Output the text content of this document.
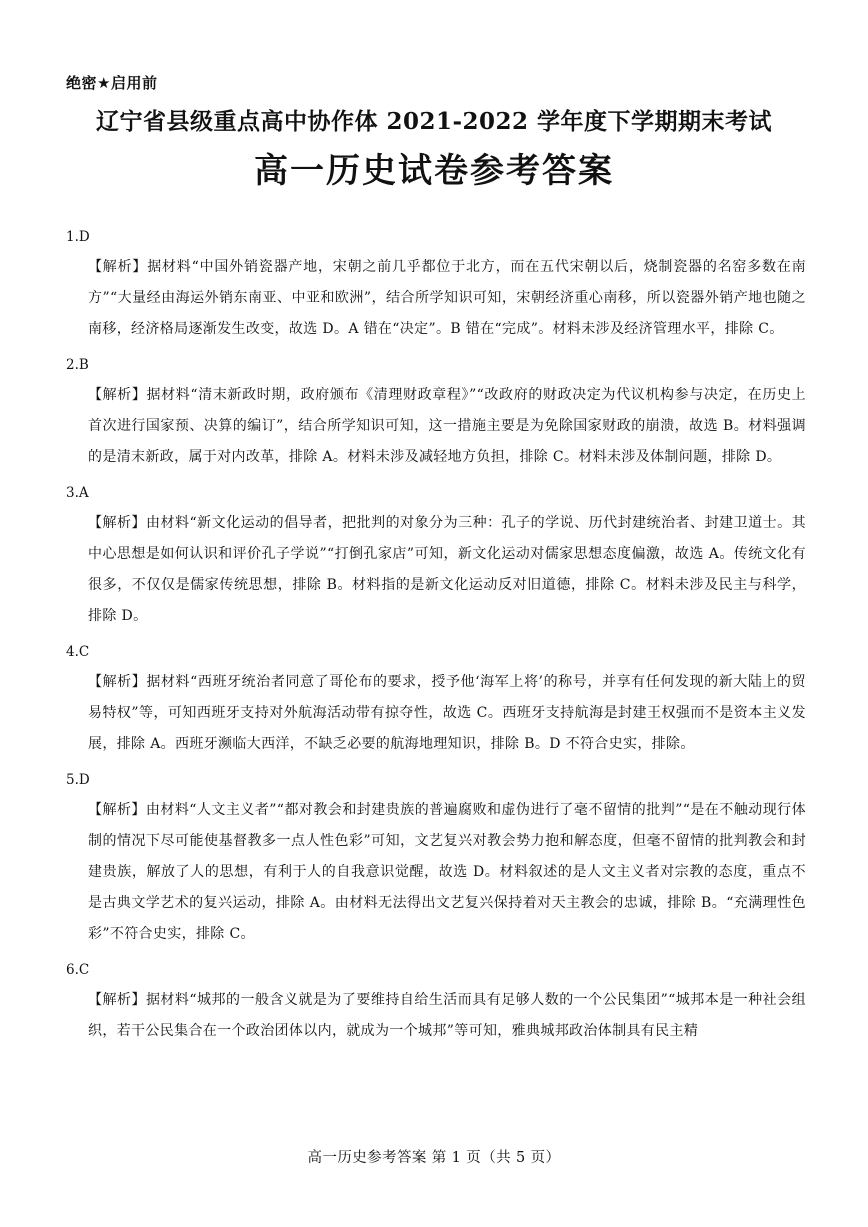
绝密★启用前
辽宁省县级重点高中协作体 2021-2022 学年度下学期期末考试
高一历史试卷参考答案
1.D
【解析】据材料“中国外销瓷器产地，宋朝之前几乎都位于北方，而在五代宋朝以后，烧制瓷器的名窑多数在南方”“大量经由海运外销东南亚、中亚和欧洲”，结合所学知识可知，宋朝经济重心南移，所以瓷器外销产地也随之南移，经济格局逐渐发生改变，故选 D。A 错在“决定”。B 错在“完成”。材料未涉及经济管理水平，排除 C。
2.B
【解析】据材料“清末新政时期，政府颁布《清理财政章程》”“改政府的财政决定为代议机构参与决定，在历史上首次进行国家预、决算的编订”，结合所学知识可知，这一措施主要是为免除国家财政的崩溃，故选 B。材料强调的是清末新政，属于对内改革，排除 A。材料未涉及减轻地方负担，排除 C。材料未涉及体制问题，排除 D。
3.A
【解析】由材料“新文化运动的倡导者，把批判的对象分为三种：孔子的学说、历代封建统治者、封建卫道士。其中心思想是如何认识和评价孔子学说”“打倒孔家店”可知，新文化运动对儒家思想态度偏激，故选 A。传统文化有很多，不仅仅是儒家传统思想，排除 B。材料指的是新文化运动反对旧道德，排除 C。材料未涉及民主与科学，排除 D。
4.C
【解析】据材料“西班牙统治者同意了哥伦布的要求，授予他‘海军上将’的称号，并享有任何发现的新大陆上的贸易特权”等，可知西班牙支持对外航海活动带有掠夺性，故选 C。西班牙支持航海是封建王权强而不是资本主义发展，排除 A。西班牙濒临大西洋，不缺乏必要的航海地理知识，排除 B。D 不符合史实，排除。
5.D
【解析】由材料“人文主义者”“都对教会和封建贵族的普遍腐败和虚伪进行了毫不留情的批判”“是在不触动现行体制的情况下尽可能使基督教多一点人性色彩”可知，文艺复兴对教会势力抱和解态度，但毫不留情的批判教会和封建贵族，解放了人的思想，有利于人的自我意识觉醒，故选 D。材料叙述的是人文主义者对宗教的态度，重点不是古典文学艺术的复兴运动，排除 A。由材料无法得出文艺复兴保持着对天主教会的忠诚，排除 B。“充满理性色彩”不符合史实，排除 C。
6.C
【解析】据材料“城邦的一般含义就是为了要维持自给生活而具有足够人数的一个公民集团”“城邦本是一种社会组织，若干公民集合在一个政治团体以内，就成为一个城邦”等可知，雅典城邦政治体制具有民主精
高一历史参考答案 第 1 页（共 5 页）
